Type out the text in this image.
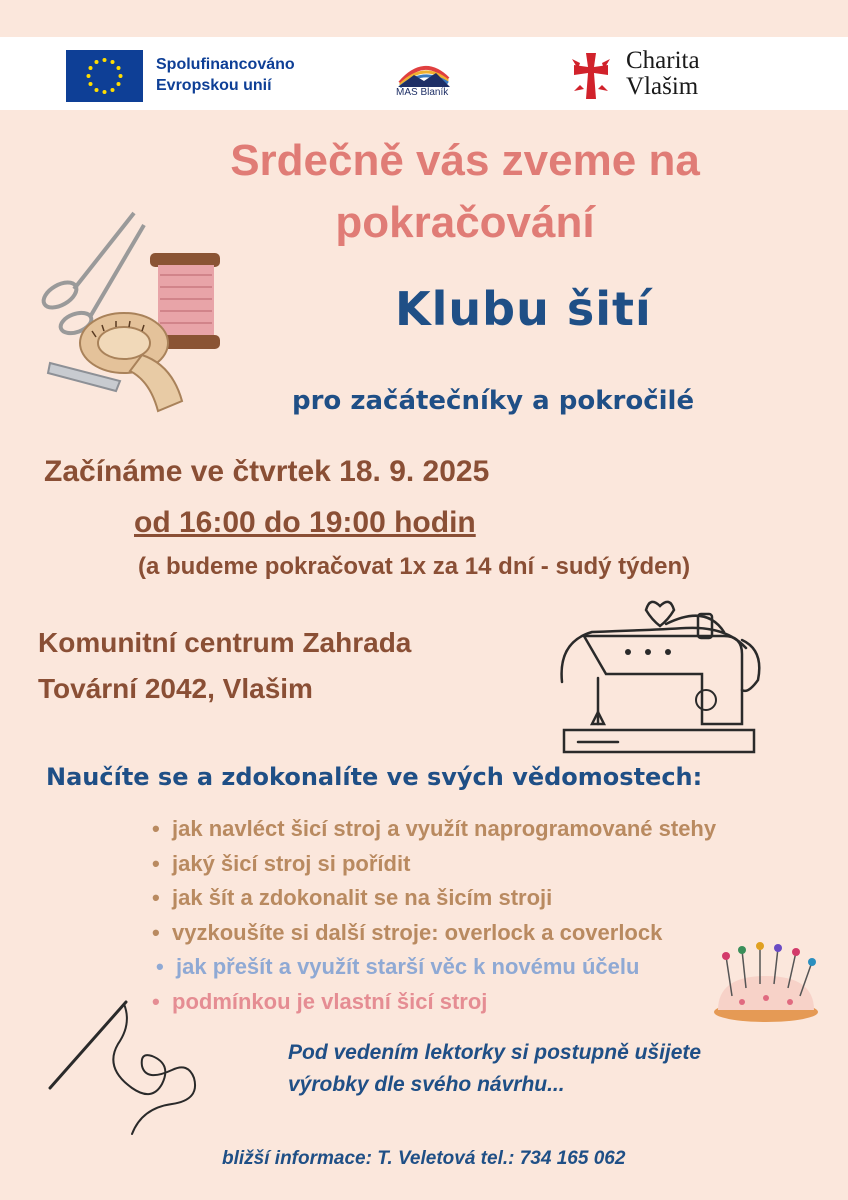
Spolufinancováno
Evropskou unií	MAS Blaník
Charita
Vlašim
Srdečně vás zveme na
pokračování
Klubu šití
pro začátečníky a pokročilé
Začínáme ve čtvrtek 18. 9. 2025
od 16:00 do 19:00 hodin
(a budeme pokračovat 1x za 14 dní - sudý týden)
Komunitní centrum Zahrada
Tovární 2042, Vlašim
Naučíte se a zdokonalíte ve svých vědomostech:
• jak navléct šicí stroj a využít naprogramované stehy
• jaký šicí stroj si pořídit
• jak šít a zdokonalit se na šicím stroji
• vyzkoušíte si další stroje: overlock a coverlock
• jak přešít a využít starší věc k novému účelu
• podmínkou je vlastní šicí stroj
Pod vedením lektorky si postupně ušijete
výrobky dle svého návrhu...
bližší informace: T. Veletová tel.: 734 165 062
